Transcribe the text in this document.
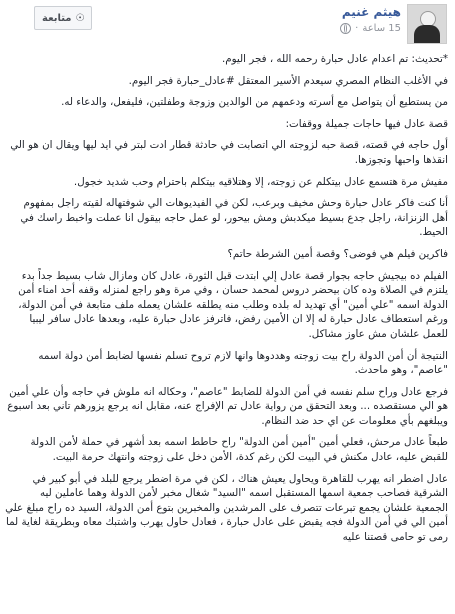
هيثم غنيم
15 ساعة
·
☉
متابعة

*تحديث: تم اعدام عادل حبارة رحمه الله ، فجر اليوم.

في الأغلب النظام المصري سيعدم الأسير المعتقل #عادل_حبارة فجر اليوم.

من يستطيع أن يتواصل مع أسرته ودعمهم من الوالدين وزوجة وطفلتين، فليفعل، والدعاء له.

قصة عادل فيها حاجات جميلة ووقفات:

أول حاجه في قصته، قصة حبه لزوجته الي اتصابت في حادثة قطار ادت لبتر في ايد ليها ويقال ان هو الي انقذها واحبها وتجوزها.

مفيش مرة هتسمع عادل بيتكلم عن زوجته، إلا وهتلاقيه بيتكلم باحترام وحب شديد خجول.

أنا كنت فاكر عادل حبارة وحش مخيف وبرعب، لكن في الفيديوهات الي شوفتهاله لقيته راجل بمفهوم أهل الزنزانة، راجل جدع بسيط ميكدبش ومش بيحور، لو عمل حاجه بيقول انا عملت واخبط راسك في الحيط.

فاكرين فيلم هي فوضى؟ وقصة أمين الشرطة حاتم؟

الفيلم ده بيجيش حاجه بجوار قصة عادل إلي ابتدت قبل الثورة، عادل كان ومازال شاب بسيط جداً بدء يلتزم في الصلاة وده كان بيحضر دروس لمحمد حسان ، وفي مرة وهو راجع لمنزله وقفه أحد امناء أمن الدولة اسمه "علي أمين" أي تهديد له بلده وطلب منه يطلقه علشان يعمله ملف متابعة في أمن الدولة، ورغم استعطاف عادل حبارة له إلا ان الأمين رفض، فاترفز عادل حبارة عليه، وبعدها عادل سافر ليبيا للعمل علشان مش عاوز مشاكل.

النتيجة أن أمن الدولة راح بيت زوجته وهددوها وانها لازم تروح تسلم نفسها لضابط أمن دولة اسمه "عاصم"، وهو ماحدث.

فرجع عادل وراح سلم نفسه في أمن الدولة للضابط "عاصم"، وحكاله انه ملوش في حاجه وأن علي أمين هو الي مستقصده ... وبعد التحقق من رواية عادل تم الإفراج عنه، مقابل انه يرجع يزورهم تاني بعد اسبوع ويبلغهم بأي معلومات عن اي حد ضد النظام.

طبعاً عادل مرحش، فعلي أمين "أمين أمن الدولة" راح حاطط اسمه بعد أشهر في حملة لأمن الدولة للقبض عليه، عادل مكنش في البيت لكن رغم كدة، الأمن دخل على زوجته وانتهك حرمة البيت.

عادل اضطر انه يهرب للقاهرة ويحاول يعيش هناك ، لكن في مرة اضطر يرجع للبلد في أبو كبير في الشرقية فصاحب جمعية اسمها المستقبل اسمه "السيد" شغال مخبر لأمن الدولة وهما عاملين ليه الجمعية علشان يجمع تبرعات تتصرف على المرشدين والمخبرين بتوع أمن الدولة، السيد ده راح مبلغ علي أمين الي في أمن الدولة فجه يقبض على عادل حبارة ، فعادل حاول يهرب واشتبك معاه وبطريقة لغاية لما رمى تو حامى قصتنا عليه
